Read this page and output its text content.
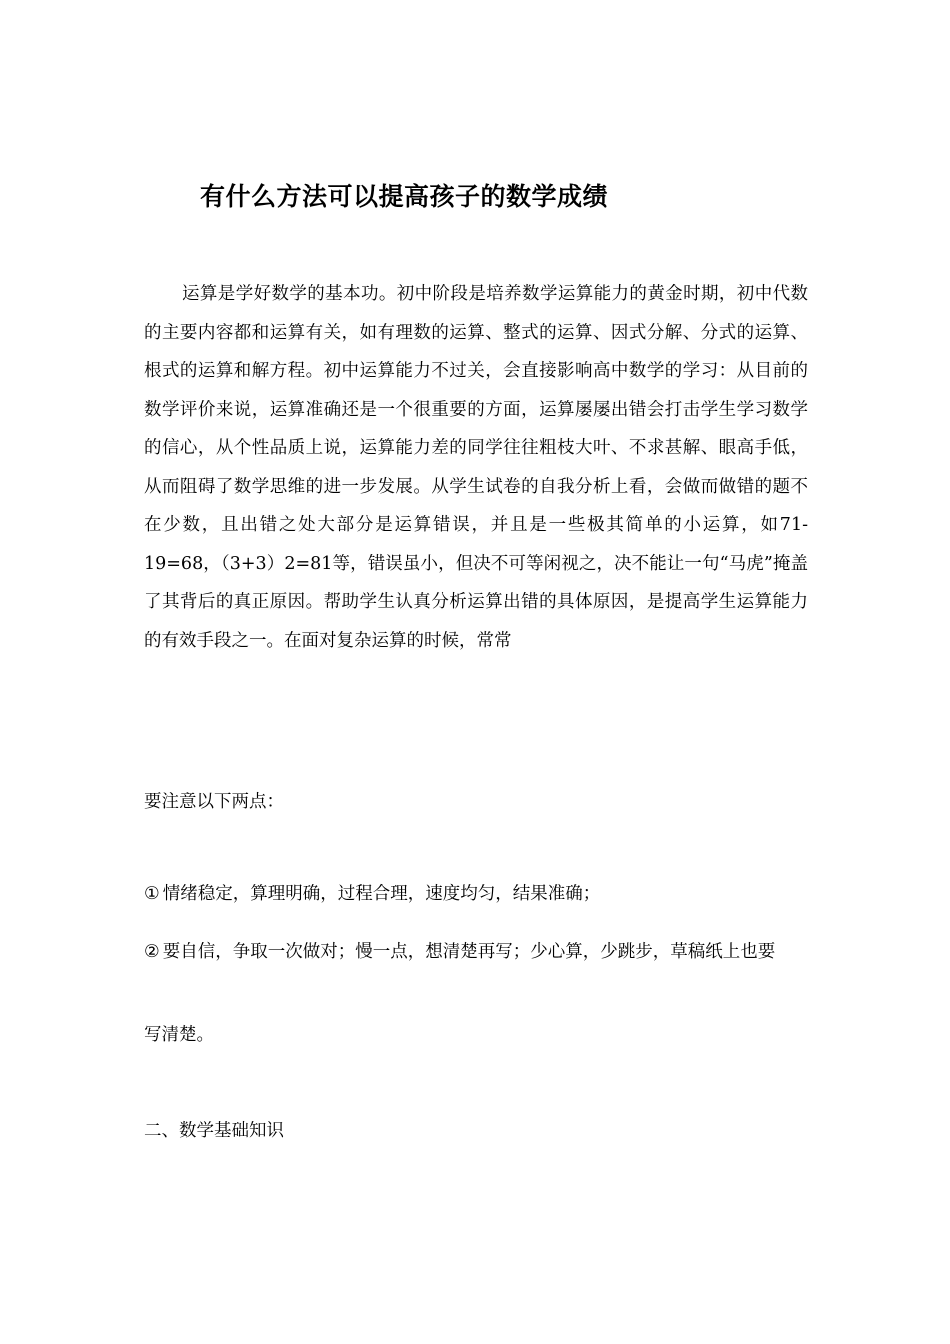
有什么方法可以提高孩子的数学成绩

运算是学好数学的基本功。初中阶段是培养数学运算能力的黄金时期，初中代数的主要内容都和运算有关，如有理数的运算、整式的运算、因式分解、分式的运算、根式的运算和解方程。初中运算能力不过关，会直接影响高中数学的学习：从目前的数学评价来说，运算准确还是一个很重要的方面，运算屡屡出错会打击学生学习数学的信心，从个性品质上说，运算能力差的同学往往粗枝大叶、不求甚解、眼高手低，从而阻碍了数学思维的进一步发展。从学生试卷的自我分析上看，会做而做错的题不在少数，且出错之处大部分是运算错误，并且是一些极其简单的小运算，如71-19=68，（3+3）2=81等，错误虽小，但决不可等闲视之，决不能让一句“马虎”掩盖了其背后的真正原因。帮助学生认真分析运算出错的具体原因，是提高学生运算能力的有效手段之一。在面对复杂运算的时候，常常

要注意以下两点：

① 情绪稳定，算理明确，过程合理，速度均匀，结果准确；

② 要自信，争取一次做对；慢一点，想清楚再写；少心算，少跳步，草稿纸上也要

写清楚。

二、数学基础知识
